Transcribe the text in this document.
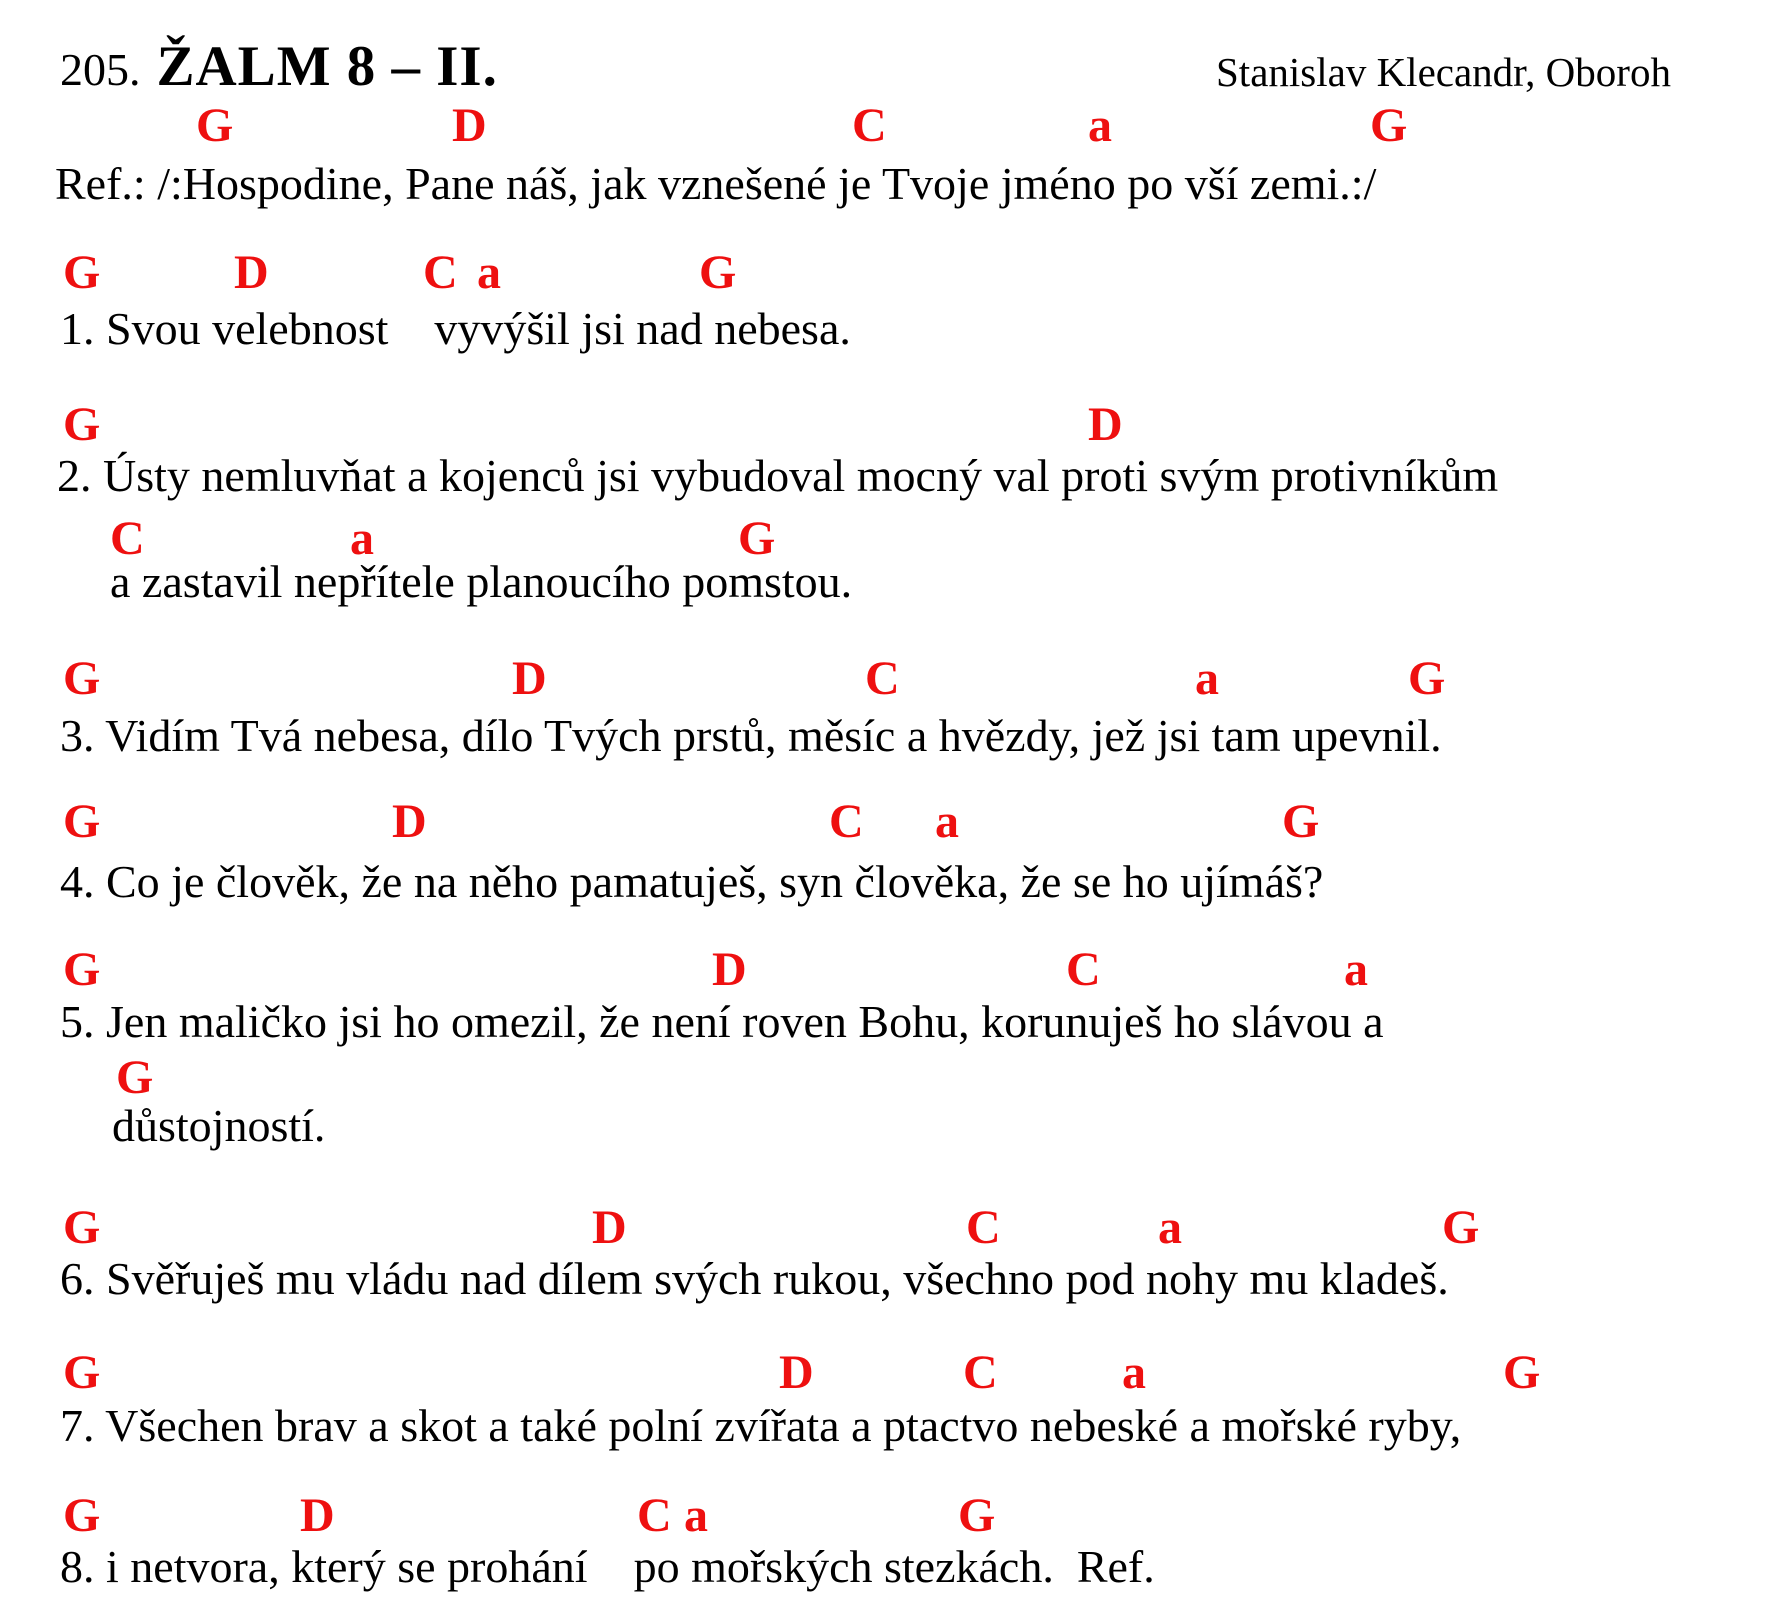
205. ŽALM 8 – II.	Stanislav Klecandr, Oboroh
G	D	C	a	G
Ref.: /:Hospodine, Pane náš, jak vznešené je Tvoje jméno po vší zemi.:/
G	D	C a	G
1. Svou velebnost    vyvýšil jsi nad nebesa.
G	D
2. Ústy nemluvňat a kojenců jsi vybudoval mocný val proti svým protivníkům
C	a	G
a zastavil nepřítele planoucího pomstou.
G	D	C	a	G
3. Vidím Tvá nebesa, dílo Tvých prstů, měsíc a hvězdy, jež jsi tam upevnil.
G	D	C a	G
4. Co je člověk, že na něho pamatuješ, syn člověka, že se ho ujímáš?
G	D	C	a
5. Jen maličko jsi ho omezil, že není roven Bohu, korunuješ ho slávou a
G
důstojností.
G	D	C	a	G
6. Svěřuješ mu vládu nad dílem svých rukou, všechno pod nohy mu kladeš.
G	D	C	a	G
7. Všechen brav a skot a také polní zvířata a ptactvo nebeské a mořské ryby,
G	D	C a	G
8. i netvora, který se prohání    po mořských stezkách.  Ref.
